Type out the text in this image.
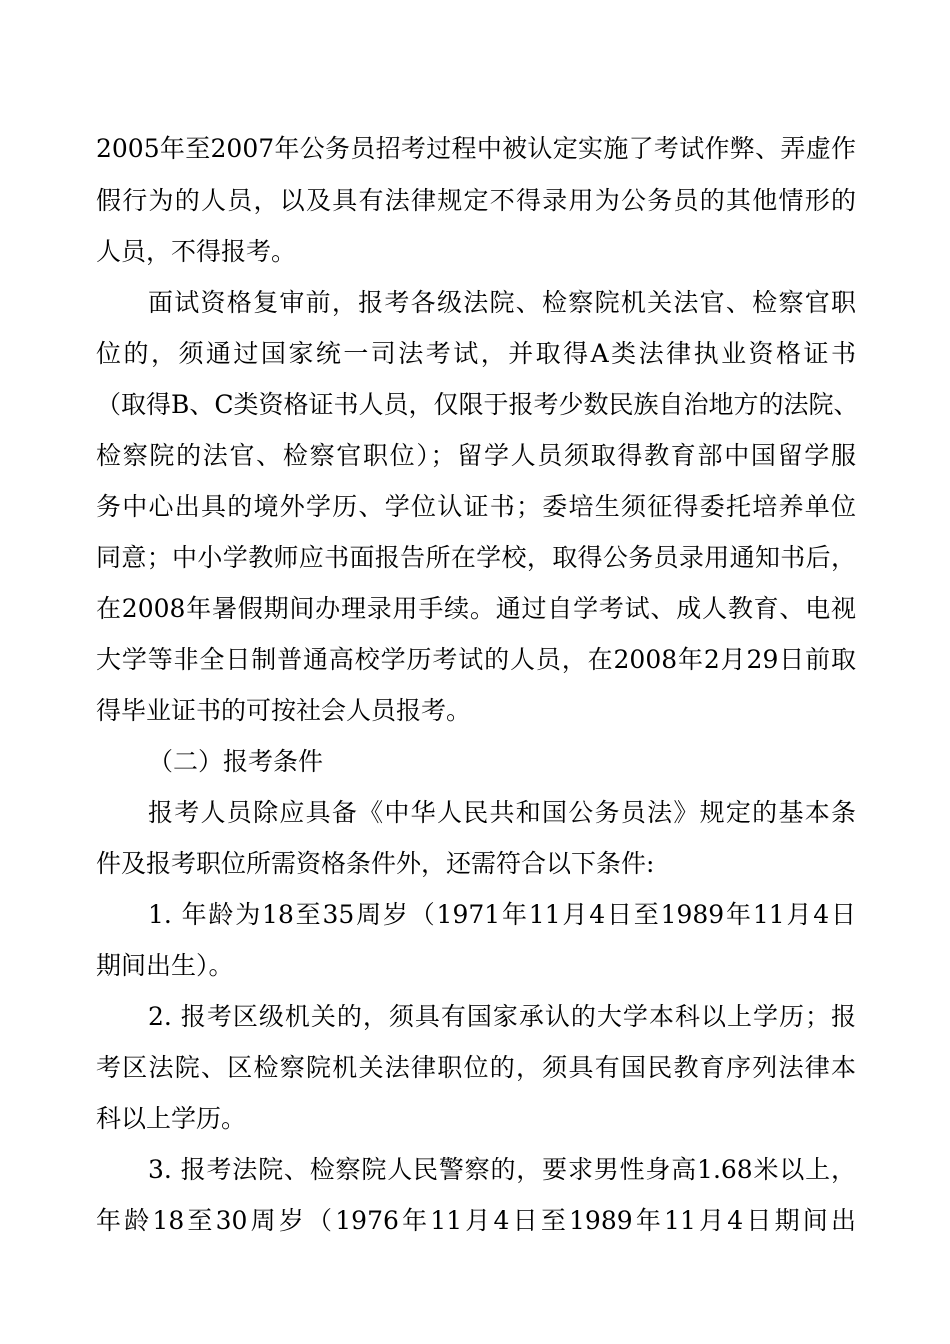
2005年至2007年公务员招考过程中被认定实施了考试作弊、弄虚作
假行为的人员，以及具有法律规定不得录用为公务员的其他情形的
人员，不得报考。
面试资格复审前，报考各级法院、检察院机关法官、检察官职
位的，须通过国家统一司法考试，并取得A类法律执业资格证书
（取得B、C类资格证书人员，仅限于报考少数民族自治地方的法院、
检察院的法官、检察官职位）；留学人员须取得教育部中国留学服
务中心出具的境外学历、学位认证书；委培生须征得委托培养单位
同意；中小学教师应书面报告所在学校，取得公务员录用通知书后，
在2008年暑假期间办理录用手续。通过自学考试、成人教育、电视
大学等非全日制普通高校学历考试的人员，在2008年2月29日前取
得毕业证书的可按社会人员报考。
（二）报考条件
报考人员除应具备《中华人民共和国公务员法》规定的基本条
件及报考职位所需资格条件外，还需符合以下条件:
1. 年龄为18至35周岁（1971年11月4日至1989年11月4日
期间出生）。
2. 报考区级机关的，须具有国家承认的大学本科以上学历；报
考区法院、区检察院机关法律职位的，须具有国民教育序列法律本
科以上学历。
3. 报考法院、检察院人民警察的，要求男性身高1.68米以上，
年龄18至30周岁（1976年11月4日至1989年11月4日期间出
